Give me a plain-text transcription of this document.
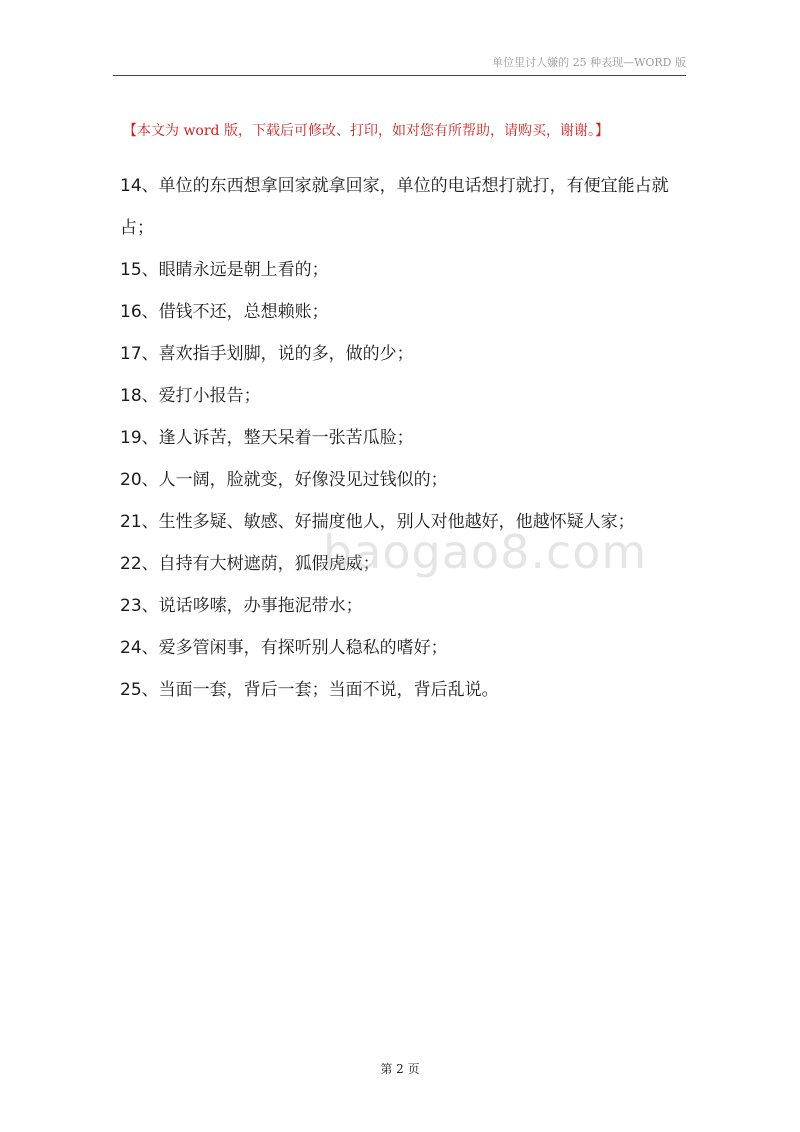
单位里讨人嫌的 25 种表现—WORD 版
【本文为 word 版，下载后可修改、打印，如对您有所帮助，请购买，谢谢。】

14、单位的东西想拿回家就拿回家，单位的电话想打就打，有便宜能占就占；

15、眼睛永远是朝上看的；

16、借钱不还，总想赖账；

17、喜欢指手划脚，说的多，做的少；

18、爱打小报告；

19、逢人诉苦，整天呆着一张苦瓜脸；

20、人一阔，脸就变，好像没见过钱似的；

21、生性多疑、敏感、好揣度他人，别人对他越好，他越怀疑人家；

22、自持有大树遮荫，狐假虎威；

23、说话哆嗦，办事拖泥带水；

24、爱多管闲事，有探听别人稳私的嗜好；

25、当面一套，背后一套；当面不说，背后乱说。

baogao8.com
第 2 页
